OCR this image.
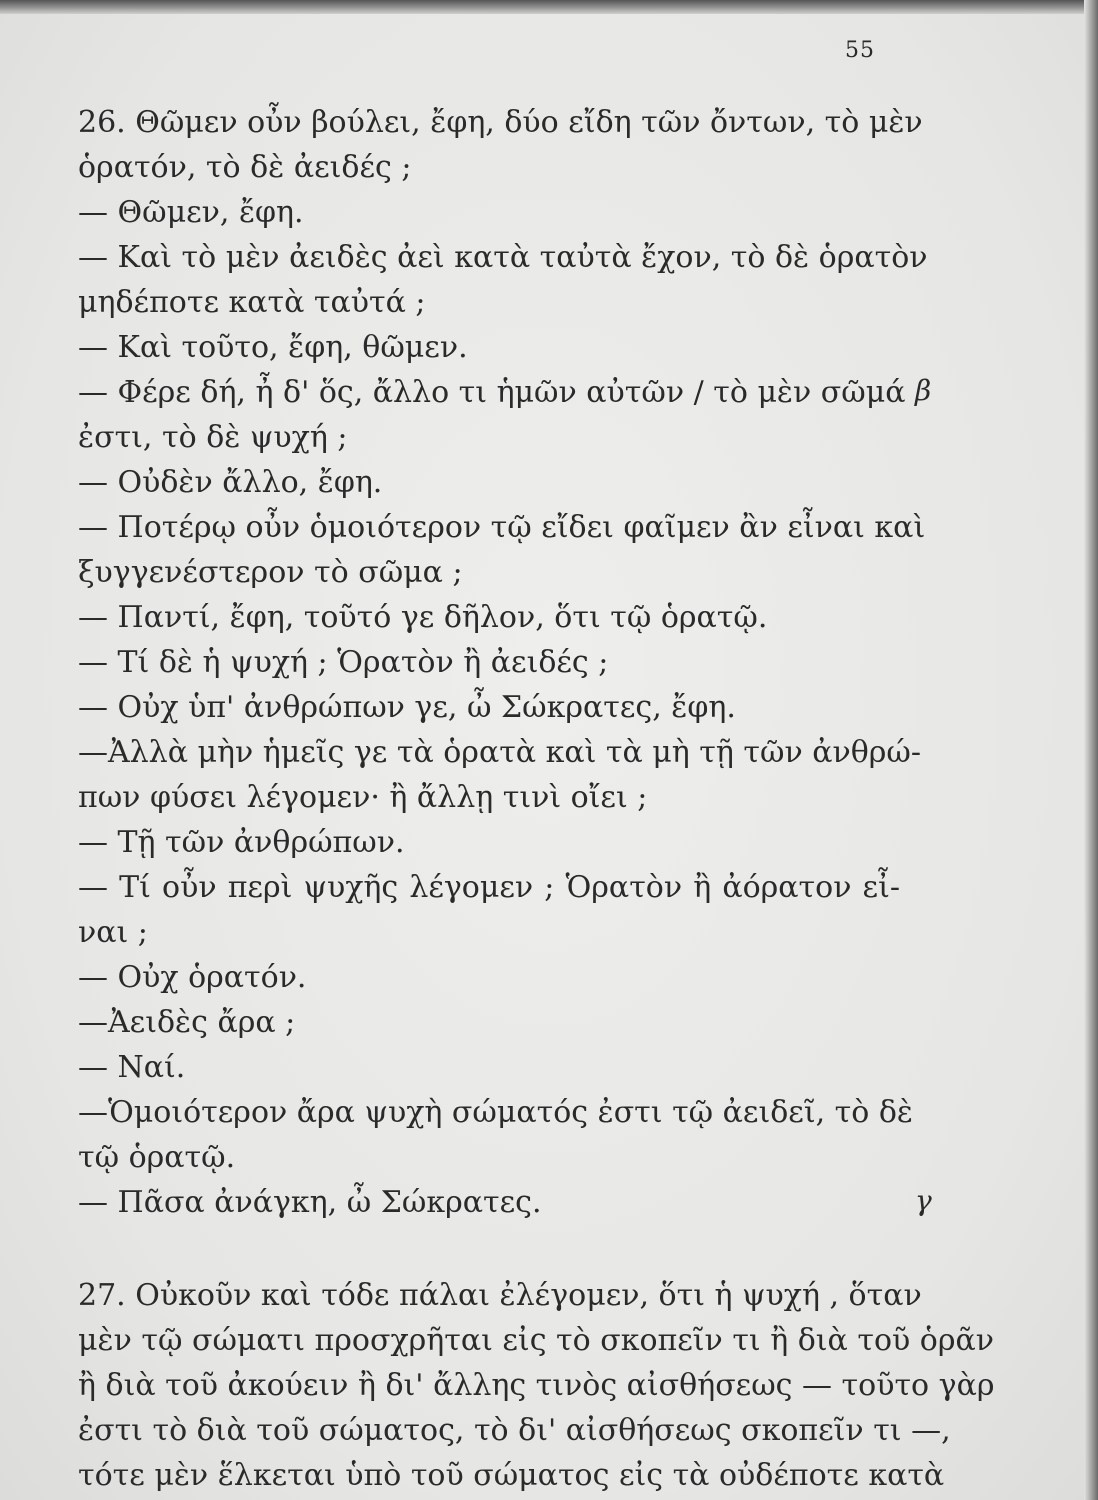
55
26. Θῶμεν οὖν βούλει, ἔφη, δύο εἴδη τῶν ὄντων, τὸ μὲν
ὁρατόν, τὸ δὲ ἀειδές ;
— Θῶμεν, ἔφη.
— Καὶ τὸ μὲν ἀειδὲς ἀεὶ κατὰ ταὐτὰ ἔχον, τὸ δὲ ὁρατὸν
μηδέποτε κατὰ ταὐτά ;
— Καὶ τοῦτο, ἔφη, θῶμεν.
— Φέρε δή, ἦ δ' ὅς, ἄλλο τι ἡμῶν αὐτῶν / τὸ μὲν σῶμά
ἐστι, τὸ δὲ ψυχή ;
— Οὐδὲν ἄλλο, ἔφη.
— Ποτέρῳ οὖν ὁμοιότερον τῷ εἴδει φαῖμεν ἂν εἶναι καὶ
ξυγγενέστερον τὸ σῶμα ;
— Παντί, ἔφη, τοῦτό γε δῆλον, ὅτι τῷ ὁρατῷ.
— Τί δὲ ἡ ψυχή ; Ὁρατὸν ἢ ἀειδές ;
— Οὐχ ὑπ' ἀνθρώπων γε, ὦ Σώκρατες, ἔφη.
—Ἀλλὰ μὴν ἡμεῖς γε τὰ ὁρατὰ καὶ τὰ μὴ τῇ τῶν ἀνθρώ-
πων φύσει λέγομεν· ἢ ἄλλῃ τινὶ οἴει ;
— Τῇ τῶν ἀνθρώπων.
— Τί οὖν περὶ ψυχῆς λέγομεν ; Ὁρατὸν ἢ ἀόρατον εἶ-
ναι ;
— Οὐχ ὁρατόν.
—Ἀειδὲς ἄρα ;
— Ναί.
—Ὁμοιότερον ἄρα ψυχὴ σώματός ἐστι τῷ ἀειδεῖ, τὸ δὲ
τῷ ὁρατῷ.
— Πᾶσα ἀνάγκη, ὦ Σώκρατες.
27. Οὐκοῦν καὶ τόδε πάλαι ἐλέγομεν, ὅτι ἡ ψυχή , ὅταν
μὲν τῷ σώματι προσχρῆται εἰς τὸ σκοπεῖν τι ἢ διὰ τοῦ ὁρᾶν
ἢ διὰ τοῦ ἀκούειν ἢ δι' ἄλλης τινὸς αἰσθήσεως — τοῦτο γὰρ
ἐστι τὸ διὰ τοῦ σώματος, τὸ δι' αἰσθήσεως σκοπεῖν τι —,
τότε μὲν ἕλκεται ὑπὸ τοῦ σώματος εἰς τὰ οὐδέποτε κατὰ
β
γ
